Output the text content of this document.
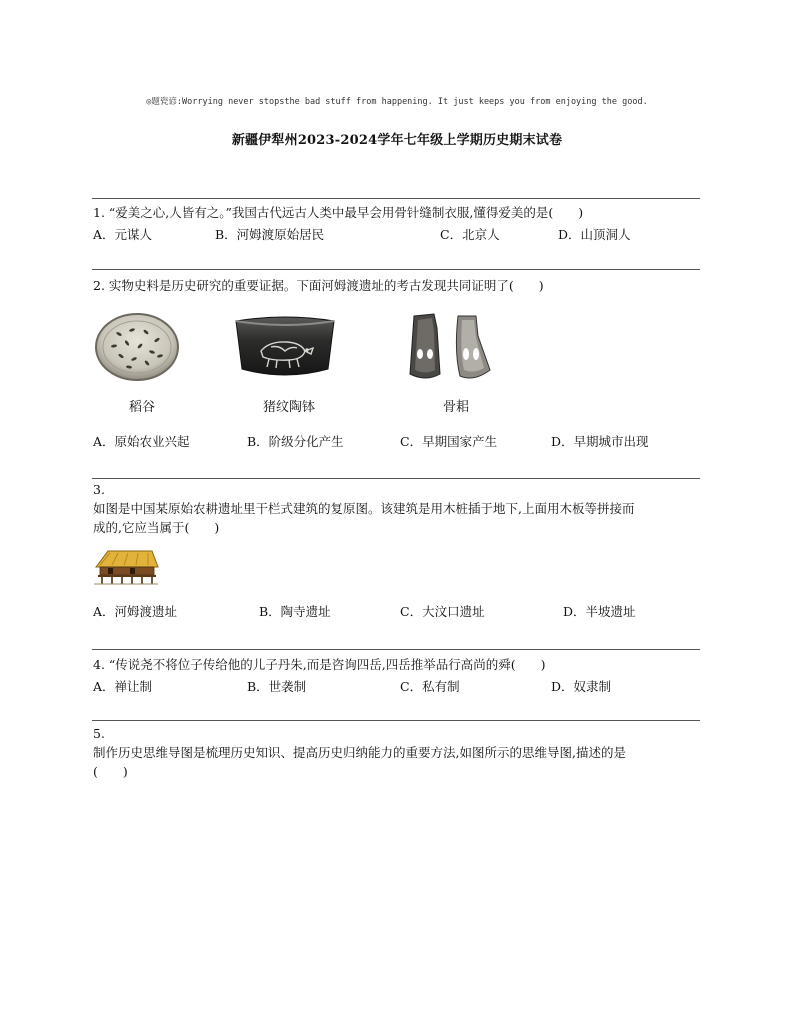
◎题瓷谚:Worrying never stopsthe bad stuff from happening. It just keeps you from enjoying the good.
新疆伊犁州2023-2024学年七年级上学期历史期末试卷
1. “爱美之心,人皆有之。”我国古代远古人类中最早会用骨针缝制衣服,懂得爱美的是(　　)
A．元谋人	B．河姆渡原始居民	C．北京人	D．山顶洞人
2. 实物史料是历史研究的重要证据。下面河姆渡遗址的考古发现共同证明了(　　)
稻谷	猪纹陶钵	骨耜
A．原始农业兴起	B．阶级分化产生	C．早期国家产生	D．早期城市出现
3.
如图是中国某原始农耕遗址里干栏式建筑的复原图。该建筑是用木桩插于地下,上面用木板等拼接而
成的,它应当属于(　　)
A．河姆渡遗址	B．陶寺遗址	C．大汶口遗址	D．半坡遗址
4. “传说尧不将位子传给他的儿子丹朱,而是咨询四岳,四岳推举品行高尚的舜(　　)
A．禅让制	B．世袭制	C．私有制	D．奴隶制
5.
制作历史思维导图是梳理历史知识、提高历史归纳能力的重要方法,如图所示的思维导图,描述的是
(　　)
